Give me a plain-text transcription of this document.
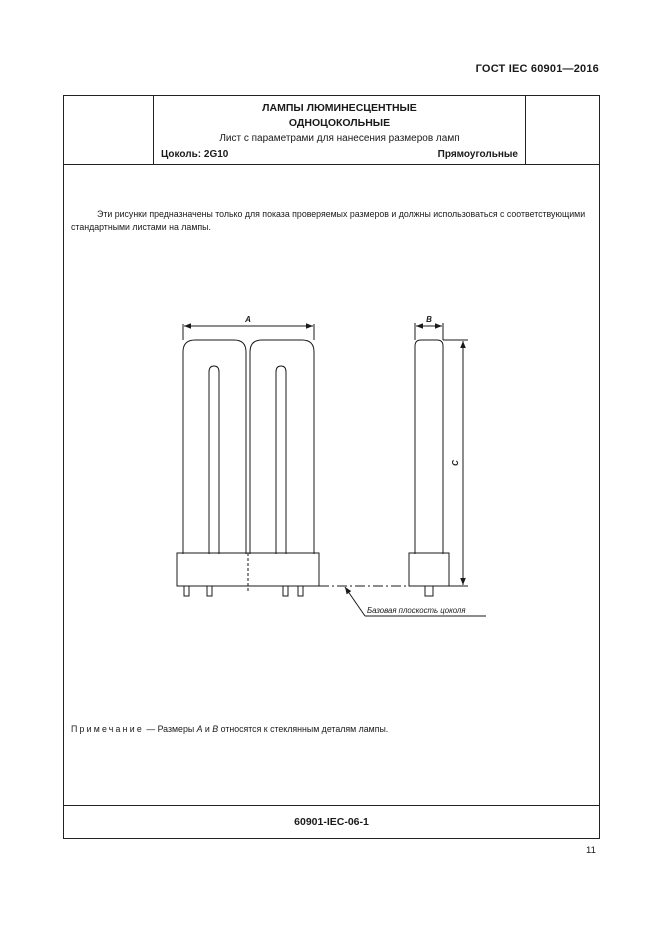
ГОСТ IEC 60901—2016
ЛАМПЫ ЛЮМИНЕСЦЕНТНЫЕ
ОДНОЦОКОЛЬНЫЕ
Лист с параметрами для нанесения размеров ламп
Цоколь: 2G10	Прямоугольные
Эти рисунки предназначены только для показа проверяемых размеров и должны использоваться с соответствующими стандартными листами на лампы.
A	B
C
Базовая плоскость цоколя
Примечание — Размеры A и B относятся к стеклянным деталям лампы.
60901-IEC-06-1
11
